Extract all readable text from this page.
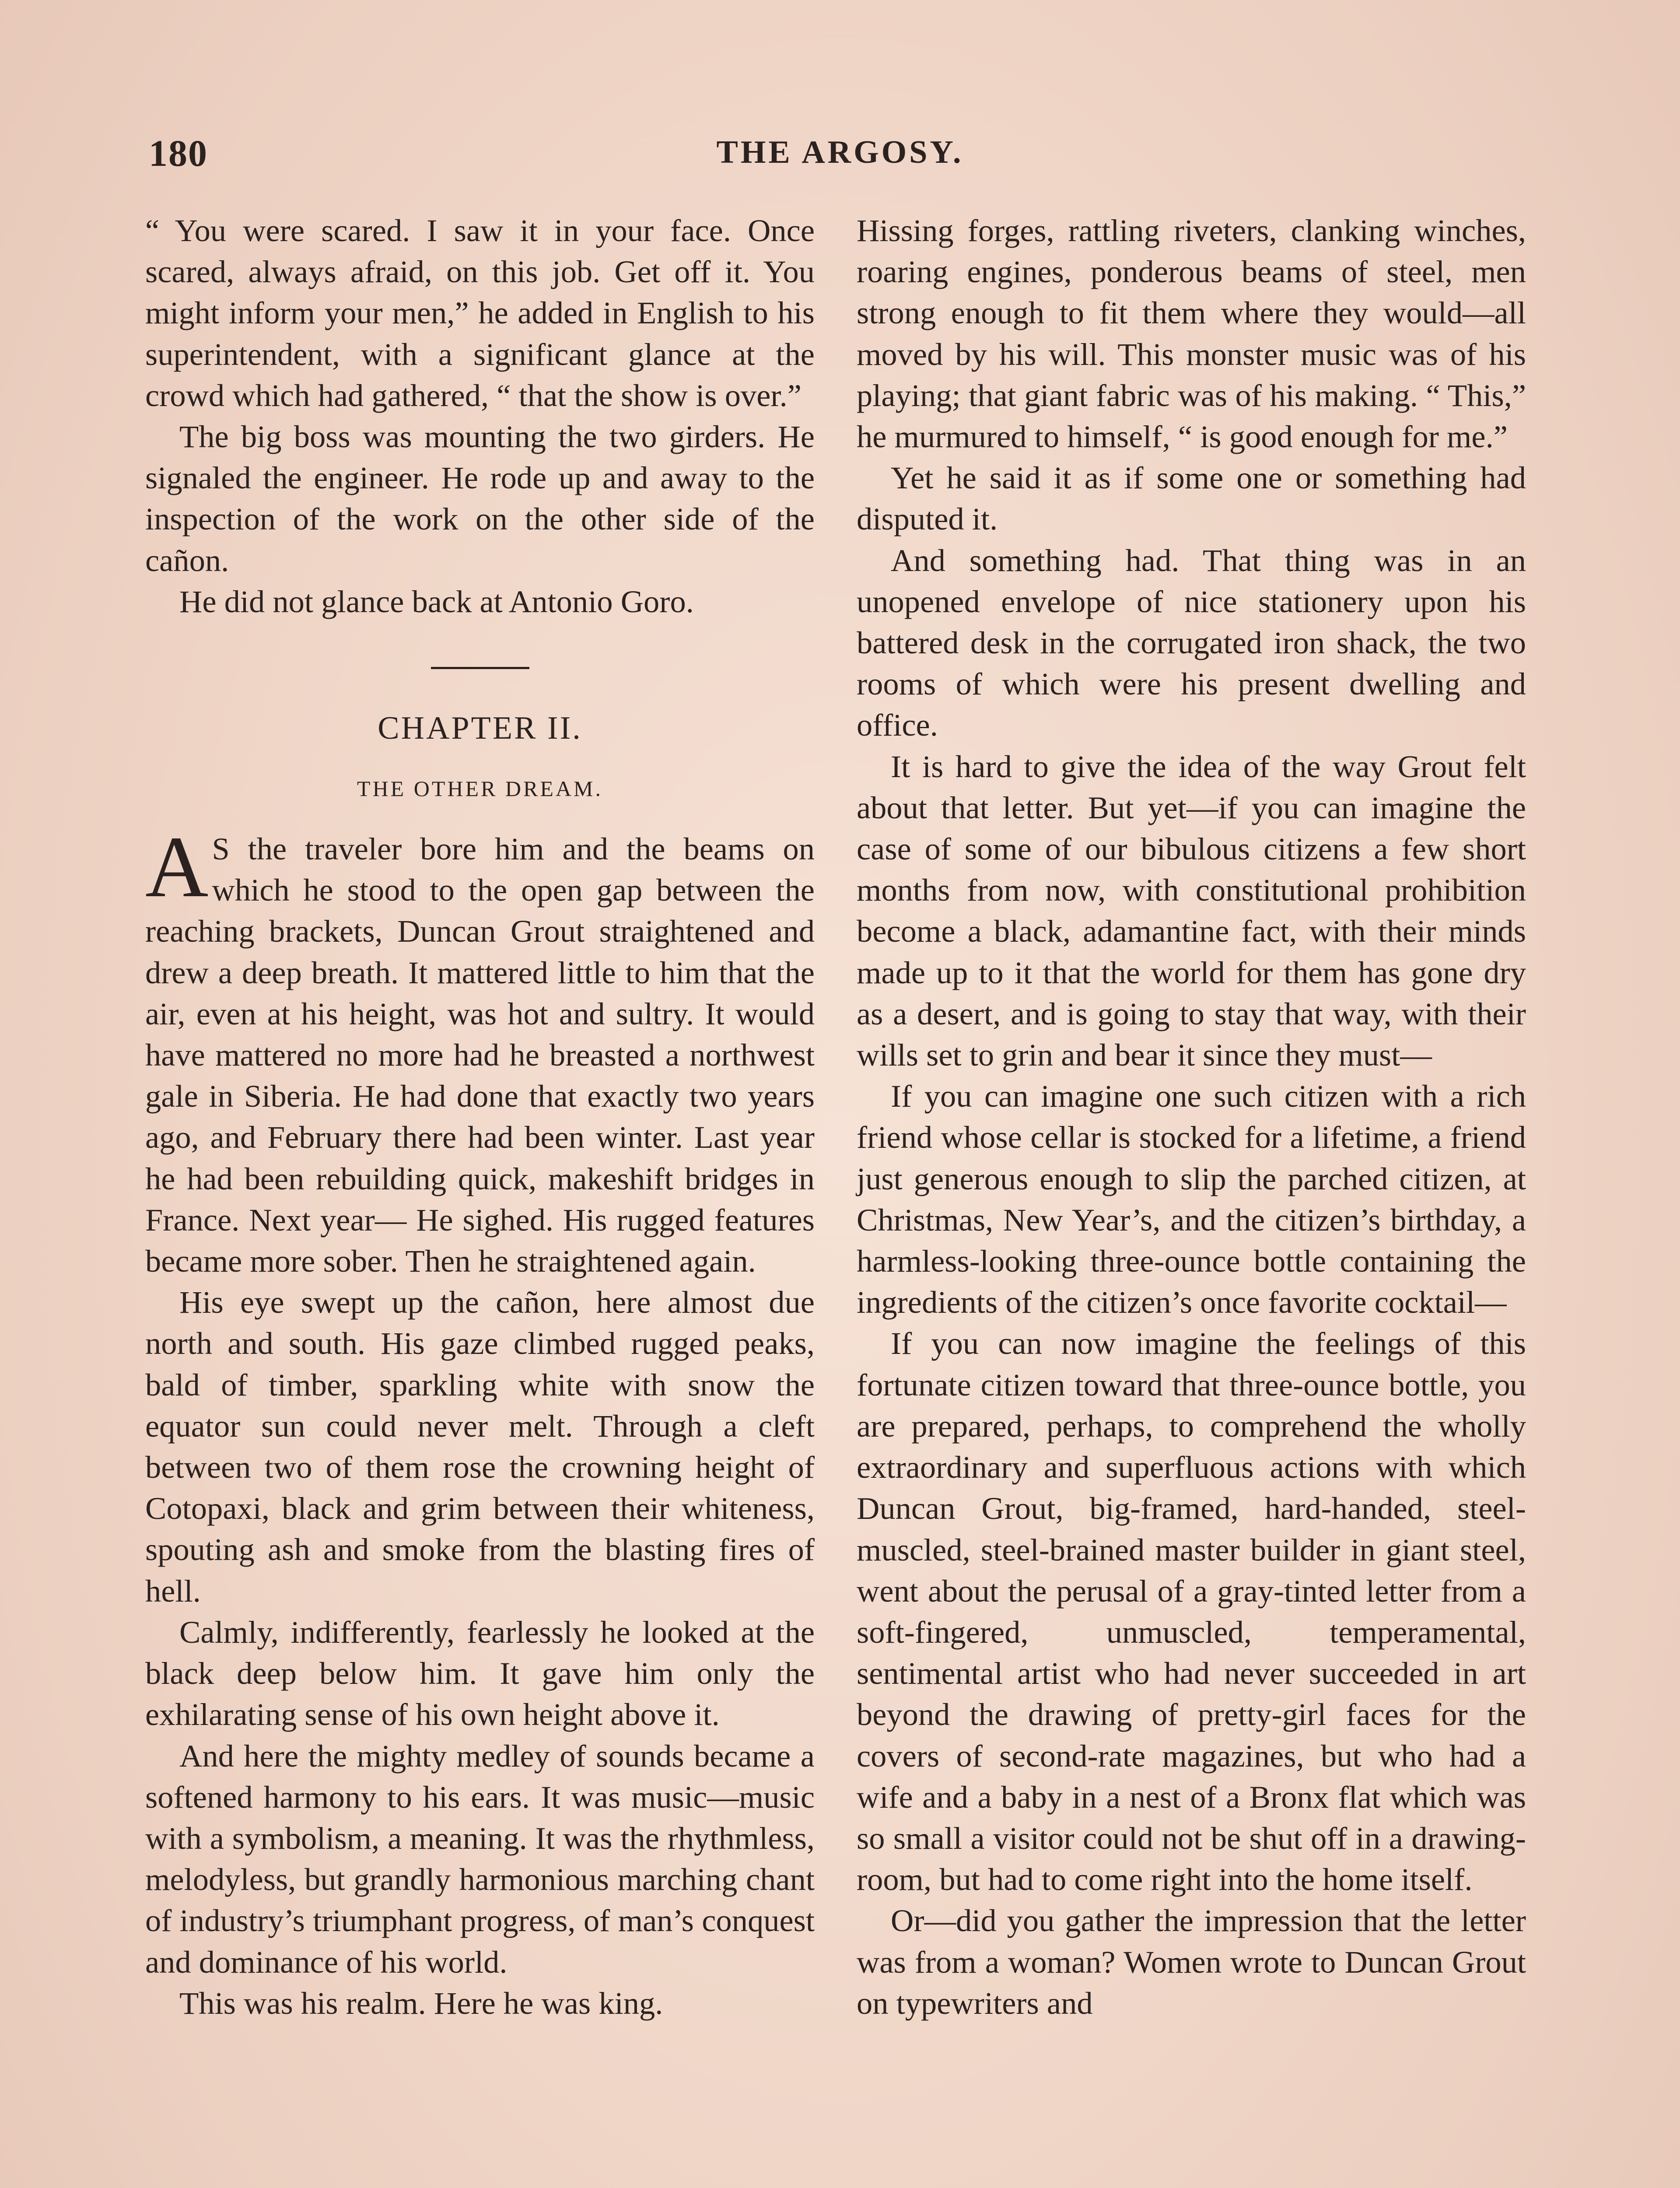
180	THE ARGOSY.

“ You were scared. I saw it in your face. Once scared, always afraid, on this job. Get off it. You might inform your men,” he added in English to his superintendent, with a significant glance at the crowd which had gathered, “ that the show is over.”

The big boss was mounting the two girders. He signaled the engineer. He rode up and away to the inspection of the work on the other side of the cañon.

He did not glance back at Antonio Goro.

CHAPTER II.
THE OTHER DREAM.

A S the traveler bore him and the beams on which he stood to the open gap between the reaching brackets, Duncan Grout straightened and drew a deep breath. It mattered little to him that the air, even at his height, was hot and sultry. It would have mattered no more had he breasted a northwest gale in Siberia. He had done that exactly two years ago, and February there had been winter. Last year he had been rebuilding quick, makeshift bridges in France. Next year— He sighed. His rugged features became more sober. Then he straightened again.

His eye swept up the cañon, here almost due north and south. His gaze climbed rugged peaks, bald of timber, sparkling white with snow the equator sun could never melt. Through a cleft between two of them rose the crowning height of Cotopaxi, black and grim between their whiteness, spouting ash and smoke from the blasting fires of hell.

Calmly, indifferently, fearlessly he looked at the black deep below him. It gave him only the exhilarating sense of his own height above it.

And here the mighty medley of sounds became a softened harmony to his ears. It was music—music with a symbolism, a meaning. It was the rhythmless, melodyless, but grandly harmonious marching chant of industry’s triumphant progress, of man’s conquest and dominance of his world.

This was his realm. Here he was king.

Hissing forges, rattling riveters, clanking winches, roaring engines, ponderous beams of steel, men strong enough to fit them where they would—all moved by his will. This monster music was of his playing; that giant fabric was of his making. “ This,” he murmured to himself, “ is good enough for me.”

Yet he said it as if some one or something had disputed it.

And something had. That thing was in an unopened envelope of nice stationery upon his battered desk in the corrugated iron shack, the two rooms of which were his present dwelling and office.

It is hard to give the idea of the way Grout felt about that letter. But yet—if you can imagine the case of some of our bibulous citizens a few short months from now, with constitutional prohibition become a black, adamantine fact, with their minds made up to it that the world for them has gone dry as a desert, and is going to stay that way, with their wills set to grin and bear it since they must—

If you can imagine one such citizen with a rich friend whose cellar is stocked for a lifetime, a friend just generous enough to slip the parched citizen, at Christmas, New Year’s, and the citizen’s birthday, a harmless-looking three-ounce bottle containing the ingredients of the citizen’s once favorite cocktail—

If you can now imagine the feelings of this fortunate citizen toward that three-ounce bottle, you are prepared, perhaps, to comprehend the wholly extraordinary and superfluous actions with which Duncan Grout, big-framed, hard-handed, steel-muscled, steel-brained master builder in giant steel, went about the perusal of a gray-tinted letter from a soft-fingered, unmuscled, temperamental, sentimental artist who had never succeeded in art beyond the drawing of pretty-girl faces for the covers of second-rate magazines, but who had a wife and a baby in a nest of a Bronx flat which was so small a visitor could not be shut off in a drawing-room, but had to come right into the home itself.

Or—did you gather the impression that the letter was from a woman? Women wrote to Duncan Grout on typewriters and
